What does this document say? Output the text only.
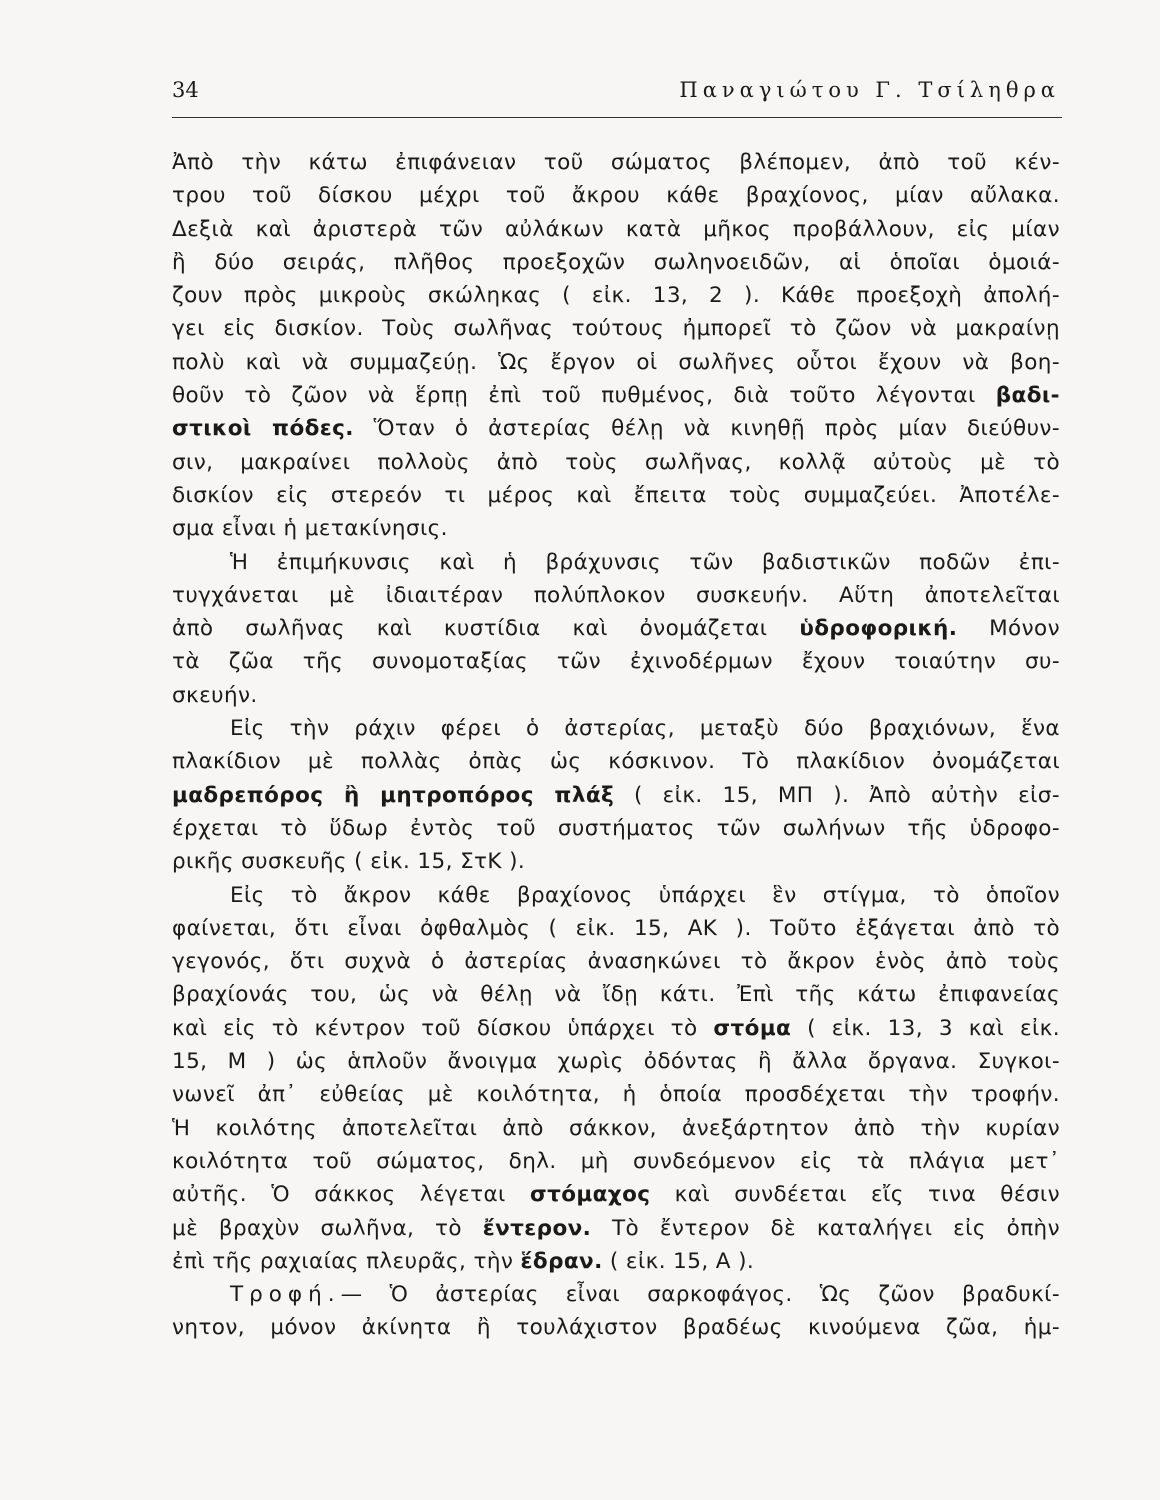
34	Παναγιώτου Γ. Τσίληθρα
Ἀπὸ τὴν κάτω ἐπιφάνειαν τοῦ σώματος βλέπομεν, ἀπὸ τοῦ κέν-
τρου τοῦ δίσκου μέχρι τοῦ ἄκρου κάθε βραχίονος, μίαν αὔλακα.
Δεξιὰ καὶ ἀριστερὰ τῶν αὐλάκων κατὰ μῆκος προβάλλουν, εἰς μίαν
ἢ δύο σειράς, πλῆθος προεξοχῶν σωληνοειδῶν, αἱ ὁποῖαι ὁμοιά-
ζουν πρὸς μικροὺς σκώληκας ( εἰκ. 13, 2 ). Κάθε προεξοχὴ ἀπολή-
γει εἰς δισκίον. Τοὺς σωλῆνας τούτους ἠμπορεῖ τὸ ζῶον νὰ μακραίνῃ
πολὺ καὶ νὰ συμμαζεύῃ. Ὡς ἔργον οἱ σωλῆνες οὗτοι ἔχουν νὰ βοη-
θοῦν τὸ ζῶον νὰ ἕρπῃ ἐπὶ τοῦ πυθμένος, διὰ τοῦτο λέγονται βαδι-
στικοὶ πόδες. Ὅταν ὁ ἀστερίας θέλῃ νὰ κινηθῇ πρὸς μίαν διεύθυν-
σιν, μακραίνει πολλοὺς ἀπὸ τοὺς σωλῆνας, κολλᾷ αὐτοὺς μὲ τὸ
δισκίον εἰς στερεόν τι μέρος καὶ ἔπειτα τοὺς συμμαζεύει. Ἀποτέλε-
σμα εἶναι ἡ μετακίνησις.
Ἡ ἐπιμήκυνσις καὶ ἡ βράχυνσις τῶν βαδιστικῶν ποδῶν ἐπι-
τυγχάνεται μὲ ἰδιαιτέραν πολύπλοκον συσκευήν. Αὕτη ἀποτελεῖται
ἀπὸ σωλῆνας καὶ κυστίδια καὶ ὀνομάζεται ὑδροφορική. Μόνον
τὰ ζῶα τῆς συνομοταξίας τῶν ἐχινοδέρμων ἔχουν τοιαύτην συ-
σκευήν.
Εἰς τὴν ράχιν φέρει ὁ ἀστερίας, μεταξὺ δύο βραχιόνων, ἕνα
πλακίδιον μὲ πολλὰς ὀπὰς ὡς κόσκινον. Τὸ πλακίδιον ὀνομάζεται
μαδρεπόρος ἢ μητροπόρος πλάξ ( εἰκ. 15, ΜΠ ). Ἀπὸ αὐτὴν εἰσ-
έρχεται τὸ ὕδωρ ἐντὸς τοῦ συστήματος τῶν σωλήνων τῆς ὑδροφο-
ρικῆς συσκευῆς ( εἰκ. 15, ΣτΚ ).
Εἰς τὸ ἄκρον κάθε βραχίονος ὑπάρχει ἓν στίγμα, τὸ ὁποῖον
φαίνεται, ὅτι εἶναι ὀφθαλμὸς ( εἰκ. 15, ΑΚ ). Τοῦτο ἐξάγεται ἀπὸ τὸ
γεγονός, ὅτι συχνὰ ὁ ἀστερίας ἀνασηκώνει τὸ ἄκρον ἑνὸς ἀπὸ τοὺς
βραχίονάς του, ὡς νὰ θέλῃ νὰ ἴδῃ κάτι. Ἐπὶ τῆς κάτω ἐπιφανείας
καὶ εἰς τὸ κέντρον τοῦ δίσκου ὑπάρχει τὸ στόμα ( εἰκ. 13, 3 καὶ εἰκ.
15, Μ ) ὡς ἁπλοῦν ἄνοιγμα χωρὶς ὀδόντας ἢ ἄλλα ὄργανα. Συγκοι-
νωνεῖ ἀπ᾽ εὐθείας μὲ κοιλότητα, ἡ ὁποία προσδέχεται τὴν τροφήν.
Ἡ κοιλότης ἀποτελεῖται ἀπὸ σάκκον, ἀνεξάρτητον ἀπὸ τὴν κυρίαν
κοιλότητα τοῦ σώματος, δηλ. μὴ συνδεόμενον εἰς τὰ πλάγια μετ᾽
αὐτῆς. Ὁ σάκκος λέγεται στόμαχος καὶ συνδέεται εἴς τινα θέσιν
μὲ βραχὺν σωλῆνα, τὸ ἔντερον. Τὸ ἔντερον δὲ καταλήγει εἰς ὀπὴν
ἐπὶ τῆς ραχιαίας πλευρᾶς, τὴν ἕδραν. ( εἰκ. 15, Α ).
Τροφή.— Ὁ ἀστερίας εἶναι σαρκοφάγος. Ὡς ζῶον βραδυκί-
νητον, μόνον ἀκίνητα ἢ τουλάχιστον βραδέως κινούμενα ζῶα, ἡμ-
